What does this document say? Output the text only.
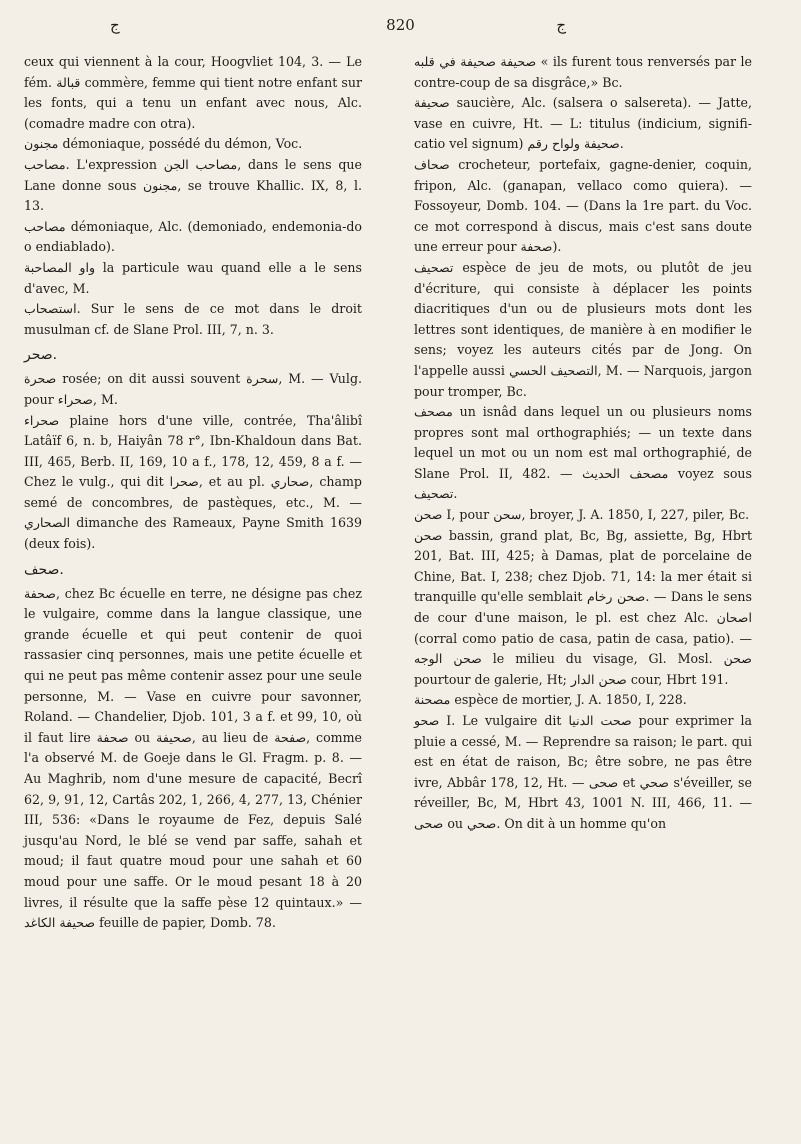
ج	820	ج

ceux qui viennent à la cour, Hoogvliet 104, 3. — Le fém. قبالة commère, femme qui tient notre enfant sur les fonts, qui a tenu un enfant avec nous, Alc. (comadre madre con otra).

مجنون démoniaque, possédé du démon, Voc.

مصاحب. L'expression مصاحب الجن, dans le sens que Lane donne sous مجنون, se trouve Khallic. IX, 8, l. 13.

مصاحب démoniaque, Alc. (demoniado, endemonia-do o endiablado).

واو المصاحبة la particule wau quand elle a le sens d'avec, M.

استصحاب. Sur le sens de ce mot dans le droit musulman cf. de Slane Prol. III, 7, n. 3.

صحر.

صحرة rosée; on dit aussi souvent سحرة, M. — Vulg. pour صحراء, M.

صحراء plaine hors d'une ville, contrée, Tha'âlibî Latâïf 6, n. b, Haiyân 78 r°, Ibn-Khaldoun dans Bat. III, 465, Berb. II, 169, 10 a f., 178, 12, 459, 8 a f. — Chez le vulg., qui dit صحرا, et au pl. صحاري, champ semé de concombres, de pastèques, etc., M. — الصحاري dimanche des Rameaux, Payne Smith 1639 (deux fois).

صحف.

صحفة, chez Bc écuelle en terre, ne désigne pas chez le vulgaire, comme dans la langue classique, une grande écuelle et qui peut contenir de quoi rassasier cinq personnes, mais une petite écuelle et qui ne peut pas même contenir assez pour une seule personne, M. — Vase en cuivre pour savonner, Roland. — Chandelier, Djob. 101, 3 a f. et 99, 10, où il faut lire صحفة ou صحيفة, au lieu de صفحة, comme l'a observé M. de Goeje dans le Gl. Fragm. p. 8. — Au Maghrib, nom d'une mesure de capacité, Becrî 62, 9, 91, 12, Cartâs 202, 1, 266, 4, 277, 13, Chénier III, 536: «Dans le royaume de Fez, depuis Salé jusqu'au Nord, le blé se vend par saffe, sahah et moud; il faut quatre moud pour une sahah et 60 moud pour une saffe. Or le moud pesant 18 à 20 livres, il résulte que la saffe pèse 12 quintaux.» — صحيفة الكاغد feuille de papier, Domb. 78.

صحيفة صحيفة في قلبه « ils furent tous renversés par le contre-coup de sa disgrâce,» Bc.

صحيفة saucière, Alc. (salsera o salsereta). — Jatte, vase en cuivre, Ht. — L: titulus (indicium, signifi-catio vel signum) صحيفة ولواح رقم.

صحاف crocheteur, portefaix, gagne-denier, coquin, fripon, Alc. (ganapan, vellaco como quiera). — Fossoyeur, Domb. 104. — (Dans la 1re part. du Voc. ce mot correspond à discus, mais c'est sans doute une erreur pour صحفة).

تصحيف espèce de jeu de mots, ou plutôt de jeu d'écriture, qui consiste à déplacer les points diacritiques d'un ou de plusieurs mots dont les lettres sont identiques, de manière à en modifier le sens; voyez les auteurs cités par de Jong. On l'appelle aussi التصحيف الحسي, M. — Narquois, jargon pour tromper, Bc.

مصحف un isnâd dans lequel un ou plusieurs noms propres sont mal orthographiés; — un texte dans lequel un mot ou un nom est mal orthographié, de Slane Prol. II, 482. — مصحف الحديث voyez sous تصحيف.

صحن I, pour سحن, broyer, J. A. 1850, I, 227, piler, Bc.

صحن bassin, grand plat, Bc, Bg, assiette, Bg, Hbrt 201, Bat. III, 425; à Damas, plat de porcelaine de Chine, Bat. I, 238; chez Djob. 71, 14: la mer était si tranquille qu'elle semblait صحن رخام. — Dans le sens de cour d'une maison, le pl. est chez Alc. اصحان (corral como patio de casa, patin de casa, patio). — صحن الوجه le milieu du visage, Gl. Mosl. صحن pourtour de galerie, Ht; صحن الدار cour, Hbrt 191.

مصحنة espèce de mortier, J. A. 1850, I, 228.

صحو I. Le vulgaire dit صحت الدنيا pour exprimer la pluie a cessé, M. — Reprendre sa raison; le part. qui est en état de raison, Bc; être sobre, ne pas être ivre, Abbâr 178, 12, Ht. — صحى et صحي s'éveiller, se réveiller, Bc, M, Hbrt 43, 1001 N. III, 466, 11. — صحى ou صحي. On dit à un homme qu'on
